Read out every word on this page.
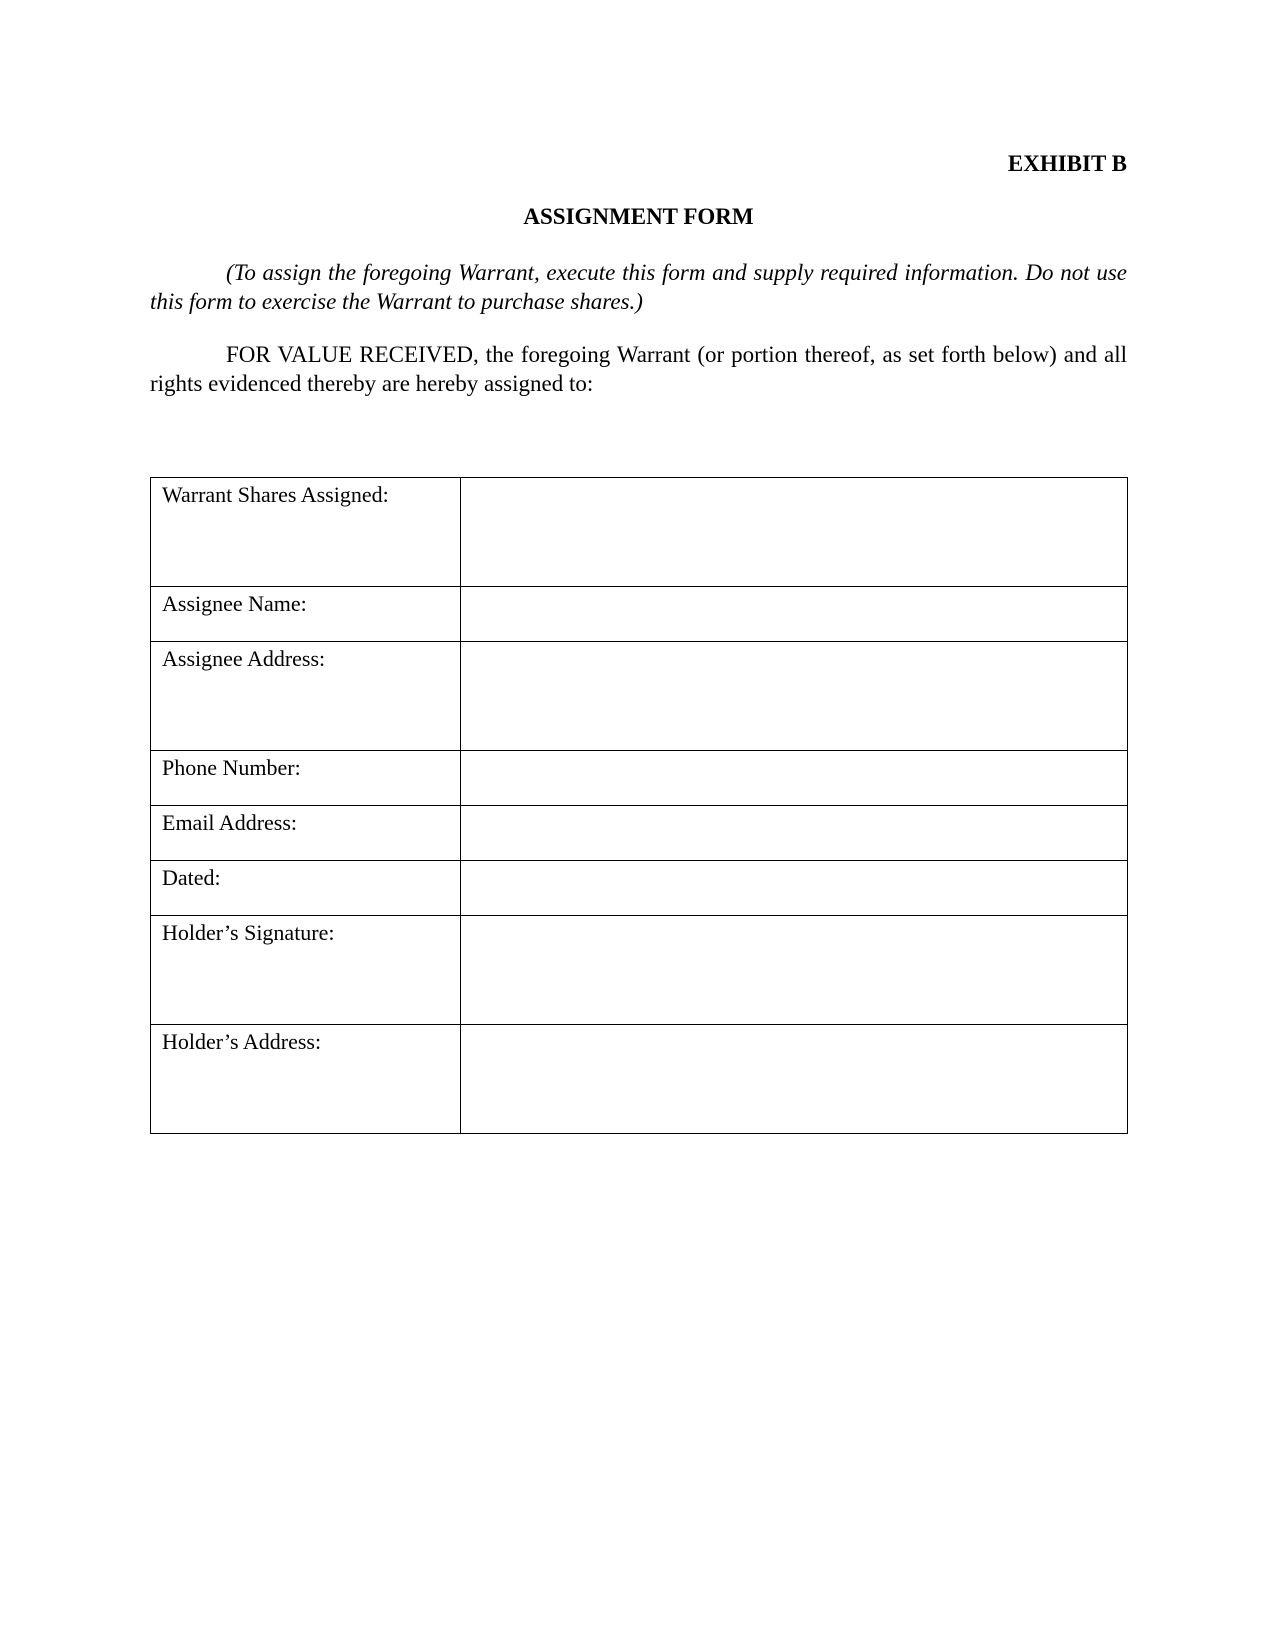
EXHIBIT B
ASSIGNMENT FORM

(To assign the foregoing Warrant, execute this form and supply required information. Do not use this form to exercise the Warrant to purchase shares.)

FOR VALUE RECEIVED, the foregoing Warrant (or portion thereof, as set forth below) and all rights evidenced thereby are hereby assigned to:

Warrant Shares Assigned:	
Assignee Name:	
Assignee Address:	
Phone Number:	
Email Address:	
Dated:	
Holder’s Signature:	
Holder’s Address:	
